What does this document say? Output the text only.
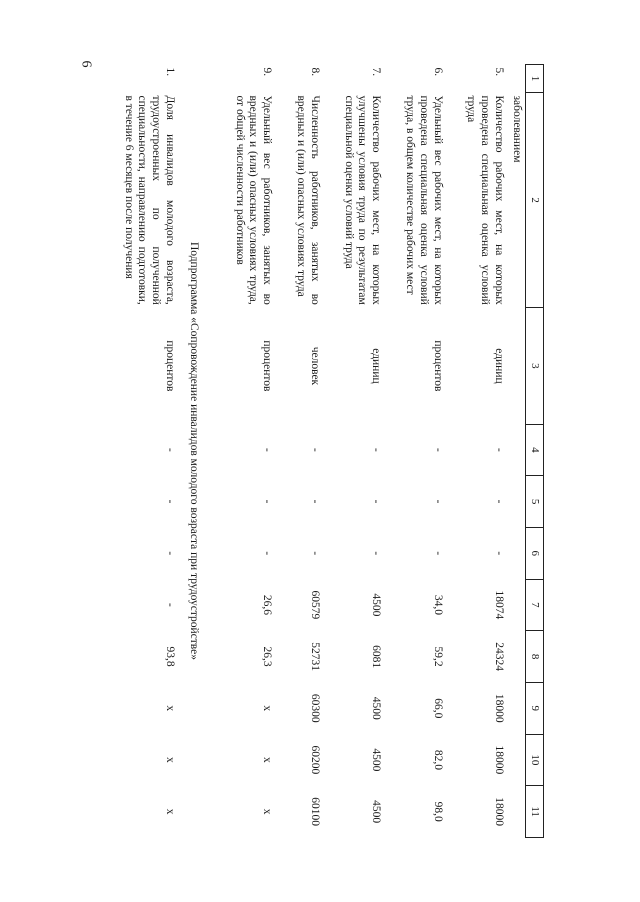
6
1	2	3	4	5	6	7	8	9	10	11
	заболеванием									
5.	Количество рабочих мест, на которых проведена специальная оценка условий труда	единиц	-	-	-	18074	24324	18000	18000	18000

6.	Удельный вес рабочих мест, на которых проведена специальная оценка условий труда, в общем количестве рабочих мест	процентов	-	-	-	34,0	59,2	66,0	82,0	98,0

7.	Количество рабочих мест, на которых улучшены условия труда по результатам специальной оценки условий труда	единиц	-	-	-	4500	6081	4500	4500	4500

8.	Численность работников, занятых во вредных и (или) опасных условиях труда	человек	-	-	-	60579	52731	60300	60200	60100

9.	Удельный вес работников, занятых во вредных и (или) опасных условиях труда, от общей численности работников	процентов	-	-	-	26,6	26,3	х	х	х

Подпрограмма «Сопровождение инвалидов молодого возраста при трудоустройстве»										
1.	Доля инвалидов молодого возраста, трудоустроенных по полученной специальности, направлению подготовки, в течение 6 месяцев после получения	процентов	-	-	-	-	93,8	х	х	х
